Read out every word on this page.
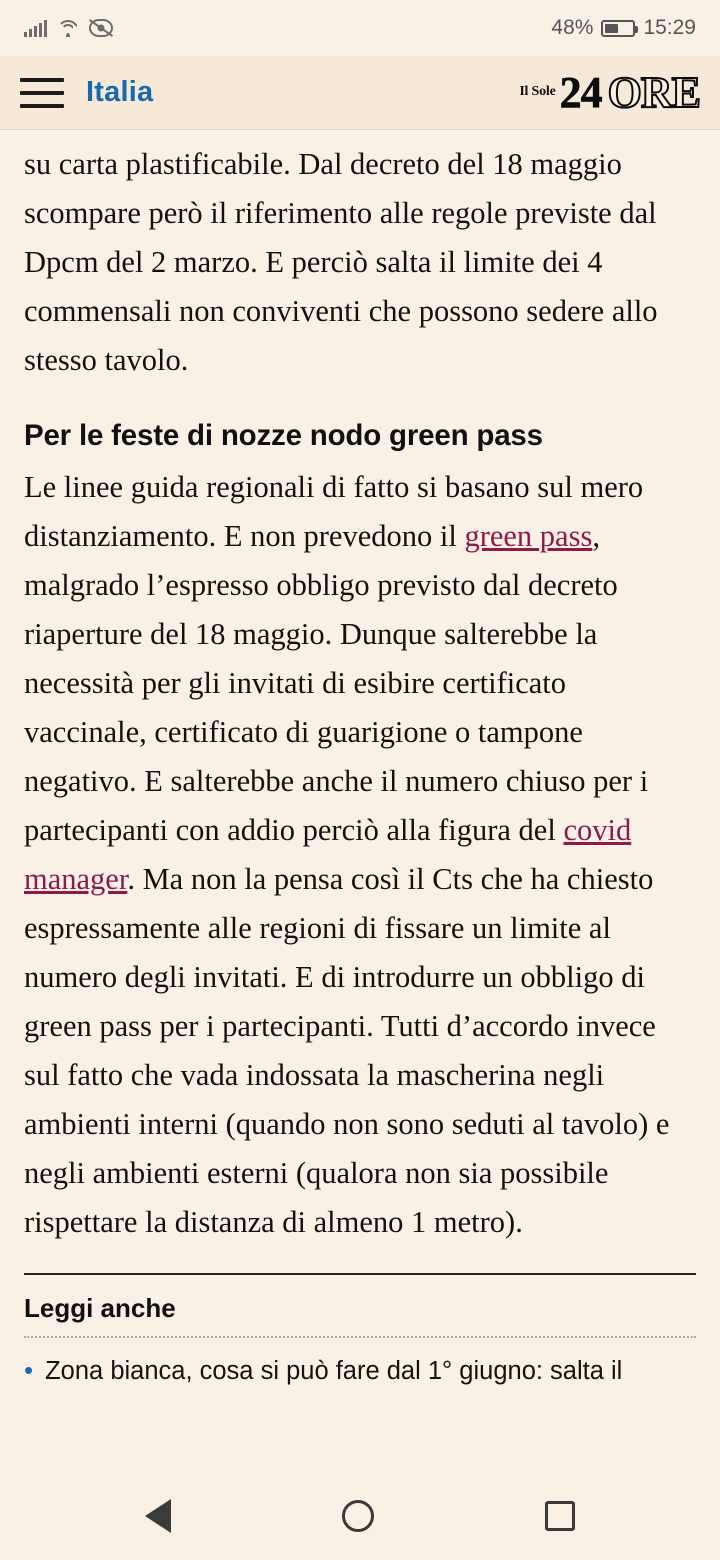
48% 15:29
Italia	Il Sole 24 ORE

su carta plastificabile. Dal decreto del 18 maggio scompare però il riferimento alle regole previste dal Dpcm del 2 marzo. E perciò salta il limite dei 4 commensali non conviventi che possono sedere allo stesso tavolo.

Per le feste di nozze nodo green pass

Le linee guida regionali di fatto si basano sul mero distanziamento. E non prevedono il green pass, malgrado l’espresso obbligo previsto dal decreto riaperture del 18 maggio. Dunque salterebbe la necessità per gli invitati di esibire certificato vaccinale, certificato di guarigione o tampone negativo. E salterebbe anche il numero chiuso per i partecipanti con addio perciò alla figura del covid manager. Ma non la pensa così il Cts che ha chiesto espressamente alle regioni di fissare un limite al numero degli invitati. E di introdurre un obbligo di green pass per i partecipanti. Tutti d’accordo invece sul fatto che vada indossata la mascherina negli ambienti interni (quando non sono seduti al tavolo) e negli ambienti esterni (qualora non sia possibile rispettare la distanza di almeno 1 metro).

Leggi anche
• Zona bianca, cosa si può fare dal 1° giugno: salta il
